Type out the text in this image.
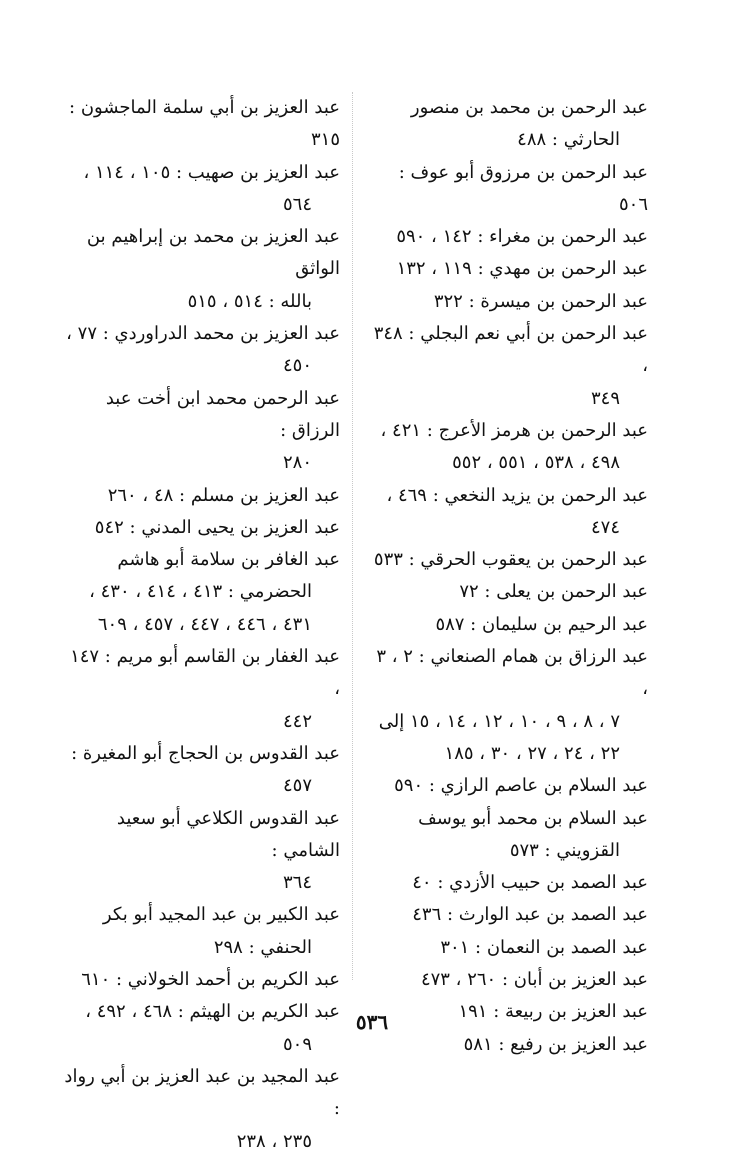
عبد الرحمن بن محمد بن منصور
الحارثي : ٤٨٨
عبد الرحمن بن مرزوق أبو عوف : ٥٠٦
عبد الرحمن بن مغراء : ١٤٢ ، ٥٩٠
عبد الرحمن بن مهدي : ١١٩ ، ١٣٢
عبد الرحمن بن ميسرة : ٣٢٢
عبد الرحمن بن أبي نعم البجلي : ٣٤٨ ،
٣٤٩
عبد الرحمن بن هرمز الأعرج : ٤٢١ ،
٤٩٨ ، ٥٣٨ ، ٥٥١ ، ٥٥٢
عبد الرحمن بن يزيد النخعي : ٤٦٩ ،
٤٧٤
عبد الرحمن بن يعقوب الحرقي : ٥٣٣
عبد الرحمن بن يعلى : ٧٢
عبد الرحيم بن سليمان : ٥٨٧
عبد الرزاق بن همام الصنعاني : ٢ ، ٣ ،
٧ ، ٨ ، ٩ ، ١٠ ، ١٢ ، ١٤ ، ١٥ إلى
٢٢ ، ٢٤ ، ٢٧ ، ٣٠ ، ١٨٥
عبد السلام بن عاصم الرازي : ٥٩٠
عبد السلام بن محمد أبو يوسف
القزويني : ٥٧٣
عبد الصمد بن حبيب الأزدي : ٤٠
عبد الصمد بن عبد الوارث : ٤٣٦
عبد الصمد بن النعمان : ٣٠١
عبد العزيز بن أبان : ٢٦٠ ، ٤٧٣
عبد العزيز بن ربيعة : ١٩١
عبد العزيز بن رفيع : ٥٨١
عبد العزيز بن أبي سلمة الماجشون : ٣١٥
عبد العزيز بن صهيب : ١٠٥ ، ١١٤ ،
٥٦٤
عبد العزيز بن محمد بن إبراهيم بن الواثق
بالله : ٥١٤ ، ٥١٥
عبد العزيز بن محمد الدراوردي : ٧٧ ،
٤٥٠
عبد الرحمن محمد ابن أخت عبد الرزاق :
٢٨٠
عبد العزيز بن مسلم : ٤٨ ، ٢٦٠
عبد العزيز بن يحيى المدني : ٥٤٢
عبد الغافر بن سلامة أبو هاشم
الحضرمي : ٤١٣ ، ٤١٤ ، ٤٣٠ ،
٤٣١ ، ٤٤٦ ، ٤٤٧ ، ٤٥٧ ، ٦٠٩
عبد الغفار بن القاسم أبو مريم : ١٤٧ ،
٤٤٢
عبد القدوس بن الحجاج أبو المغيرة :
٤٥٧
عبد القدوس الكلاعي أبو سعيد الشامي :
٣٦٤
عبد الكبير بن عبد المجيد أبو بكر
الحنفي : ٢٩٨
عبد الكريم بن أحمد الخولاني : ٦١٠
عبد الكريم بن الهيثم : ٤٦٨ ، ٤٩٢ ،
٥٠٩
عبد المجيد بن عبد العزيز بن أبي رواد :
٢٣٥ ، ٢٣٨
٥٣٦
